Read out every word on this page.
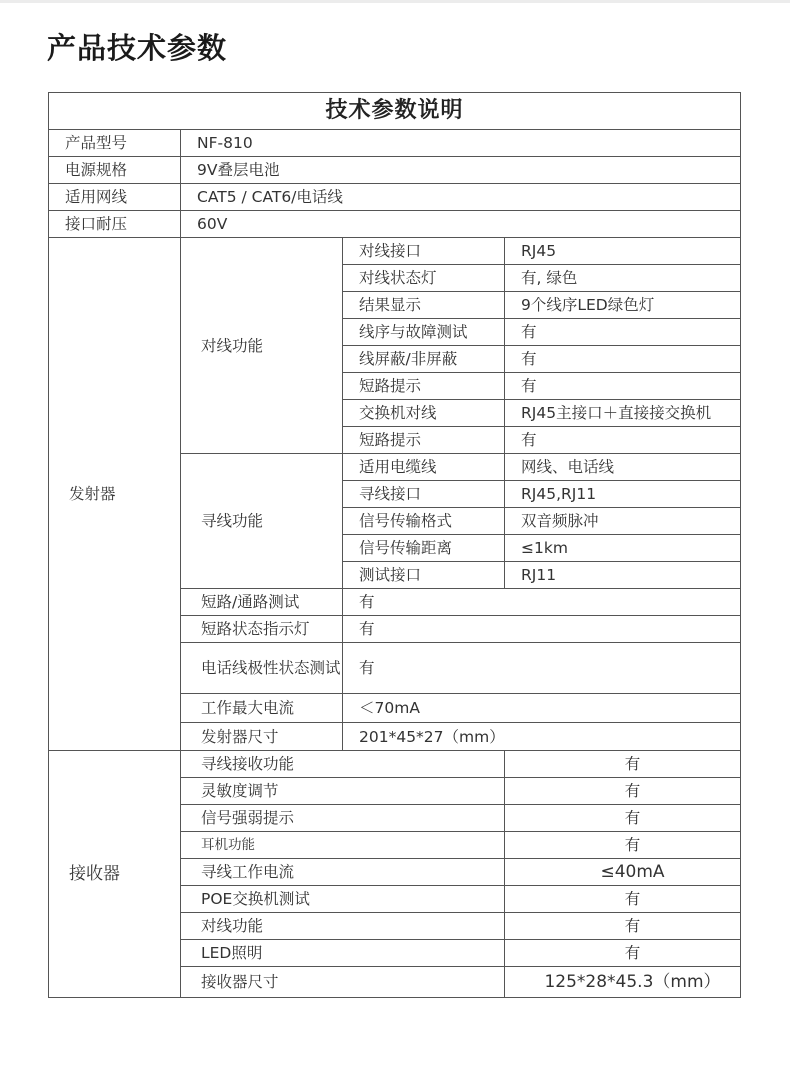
产品技术参数
技术参数说明			
产品型号	NF-810		
电源规格	9V叠层电池		
适用网线	CAT5 / CAT6/电话线		
接口耐压	60V		
发射器	对线功能	对线接口	RJ45
		对线状态灯	有, 绿色
		结果显示	9个线序LED绿色灯
		线序与故障测试	有
		线屏蔽/非屏蔽	有
		短路提示	有
		交换机对线	RJ45主接口＋直接接交换机
		短路提示	有
	寻线功能	适用电缆线	网线、电话线
		寻线接口	RJ45,RJ11
		信号传输格式	双音频脉冲
		信号传输距离	≤1km
		测试接口	RJ11
	短路/通路测试	有	
	短路状态指示灯	有	
	电话线极性状态测试	有	
	工作最大电流	＜70mA	
	发射器尺寸	201*45*27（mm）	
接收器	寻线接收功能		有
	灵敏度调节		有
	信号强弱提示		有
	耳机功能		有
	寻线工作电流		≤40mA
	POE交换机测试		有
	对线功能		有
	LED照明		有
	接收器尺寸		125*28*45.3（mm）
